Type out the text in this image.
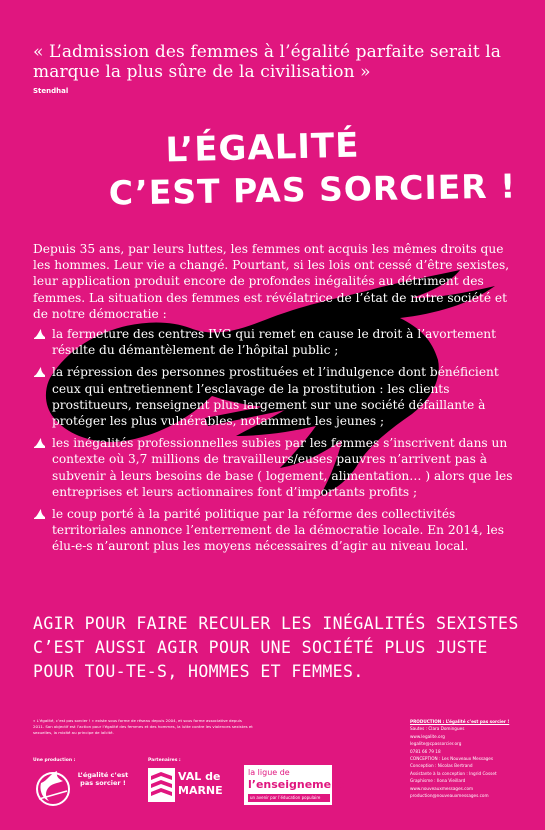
« L’admission des femmes à l’égalité parfaite serait la marque la plus sûre de la civilisation »
Stendhal
L’ÉGALITÉ
C’EST PAS SORCIER !

Depuis 35 ans, par leurs luttes, les femmes ont acquis les mêmes droits que les hommes. Leur vie a changé. Pourtant, si les lois ont cessé d’être sexistes, leur application produit encore de profondes inégalités au détriment des femmes. La situation des femmes est révélatrice de l’état de notre société et de notre démocratie :

la fermeture des centres IVG qui remet en cause le droit à l’avortement résulte du démantèlement de l’hôpital public ;
la répression des personnes prostituées et l’indulgence dont bénéficient ceux qui entretiennent l’esclavage de la prostitution : les clients prostitueurs, renseignent plus largement sur une société défaillante à protéger les plus vulnérables, notamment les jeunes ;
les inégalités professionnelles subies par les femmes s’inscrivent dans un contexte où 3,7 millions de travailleurs/euses pauvres n’arrivent pas à subvenir à leurs besoins de base ( logement, alimentation… ) alors que les entreprises et leurs actionnaires font d’importants profits ;
le coup porté à la parité politique par la réforme des collectivités territoriales annonce l’enterrement de la démocratie locale. En 2014, les élu-e-s n’auront plus les moyens nécessaires d’agir au niveau local.
AGIR POUR FAIRE RECULER LES INÉGALITÉS SEXISTES C’EST AUSSI AGIR POUR UNE SOCIÉTÉ PLUS JUSTE POUR TOU-TE-S, HOMMES ET FEMMES.
« L’égalité, c’est pas sorcier ! » existe sous forme de réseau depuis 2004, et sous forme associative depuis 2011. Son objectif est l’action pour l’égalité des femmes et des hommes, la lutte contre les violences sexistes et sexuelles, la mixité au principe de laïcité.
Une production :	Partenaires :
L’égalité c’est pas sorcier !	VAL de
MARNE
la ligue de
l’enseignement
un avenir par l’éducation populaire
PRODUCTION : L’égalité c’est pas sorcier !
Sautes : Clara Domingues
www.legalite.org
legalite@cpassorcier.org
0781 66 79 18
CONCEPTION : Les Nouveaux Messages
Conception : Nicolas Bertrand
Assistante à la conception : Ingrid Cosset
Graphisme : Ilona Vieillard
www.nouveauxmessages.com
production@nouveauxmessages.com
